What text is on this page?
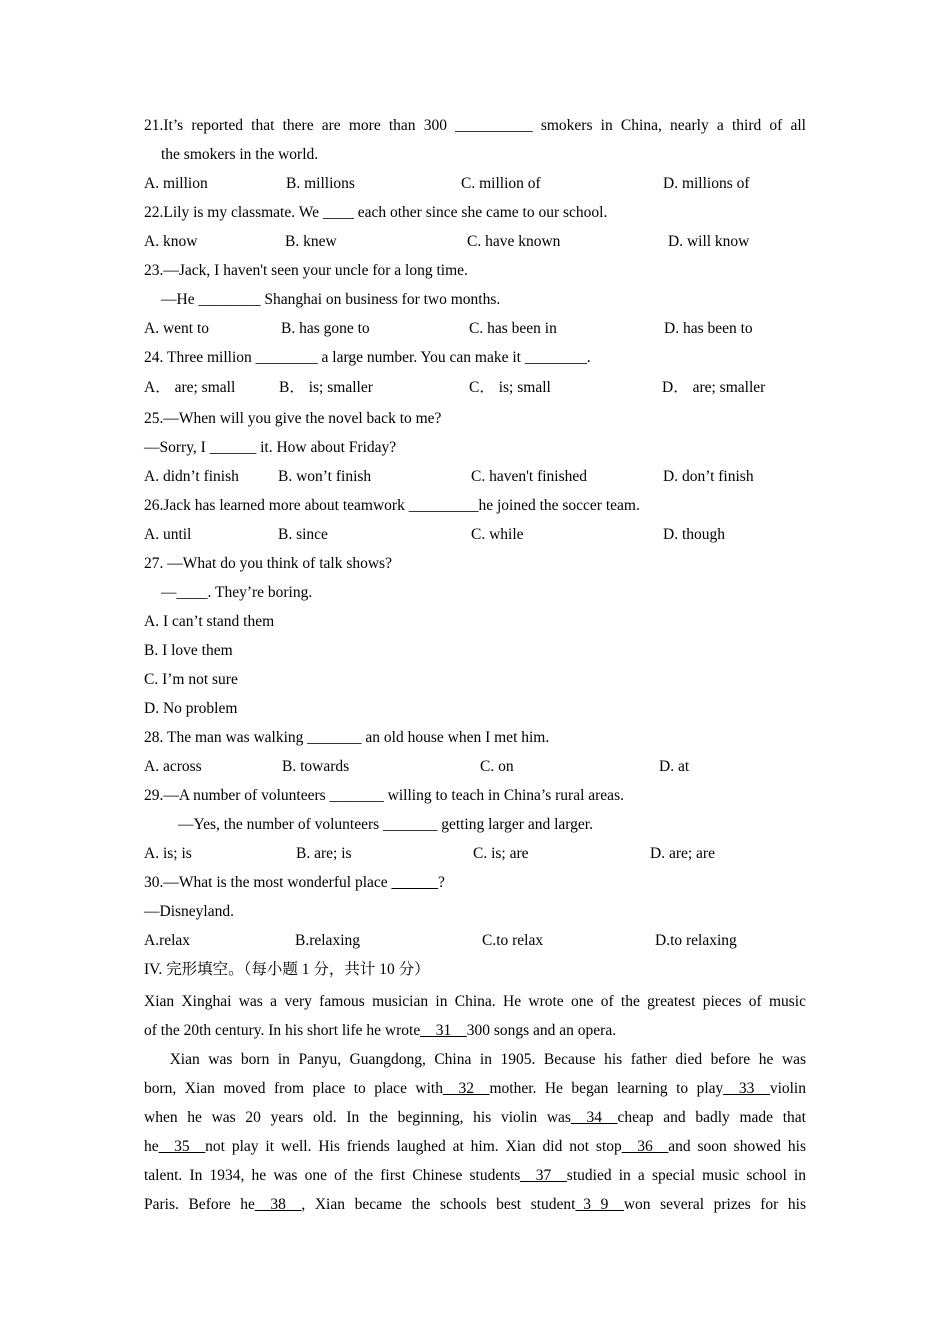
21.It’s reported that there are more than 300 __________ smokers in China, nearly a third of all
the smokers in the world.
A. million	B. millions	C. million of	D. millions of
22.Lily is my classmate. We ____ each other since she came to our school.
A. know	B. knew	C. have known	D. will know
23.—Jack, I haven't seen your uncle for a long time.
—He ________ Shanghai on business for two months.
A. went to	B. has gone to	C. has been in	D. has been to
24. Three million ________ a large number. You can make it ________.
A． are; small	B． is; smaller	C． is; small	D． are; smaller
25.—When will you give the novel back to me?
—Sorry, I ______ it. How about Friday?
A. didn’t finish	B. won’t finish	C. haven't finished	D. don’t finish
26.Jack has learned more about teamwork _________he joined the soccer team.
A. until	B. since	C. while	D. though
27. —What do you think of talk shows?
—____. They’re boring.
A. I can’t stand them
B. I love them
C. I’m not sure
D. No problem
28. The man was walking _______ an old house when I met him.
A. across	B. towards	C. on	D. at
29.—A number of volunteers _______ willing to teach in China’s rural areas.
—Yes, the number of volunteers _______ getting larger and larger.
A. is; is	B. are; is	C. is; are	D. are; are
30.—What is the most wonderful place ______?
—Disneyland.
A.relax	B.relaxing	C.to relax	D.to relaxing
IV. 完形填空。（每小题 1 分，共计 10 分）
Xian Xinghai was a very famous musician in China. He wrote one of the greatest pieces of music
of the 20th century. In his short life he wrote__31__300 songs and an opera.
Xian was born in Panyu, Guangdong, China in 1905. Because his father died before he was
born, Xian moved from place to place with__32__mother. He began learning to play__33__violin
when he was 20 years old. In the beginning, his violin was__34__cheap and badly made that
he__35__not play it well. His friends laughed at him. Xian did not stop__36__and soon showed his
talent. In 1934, he was one of the first Chinese students__37__studied in a special music school in
Paris. Before he__38__, Xian became the schools best student_3 9__won several prizes for his
